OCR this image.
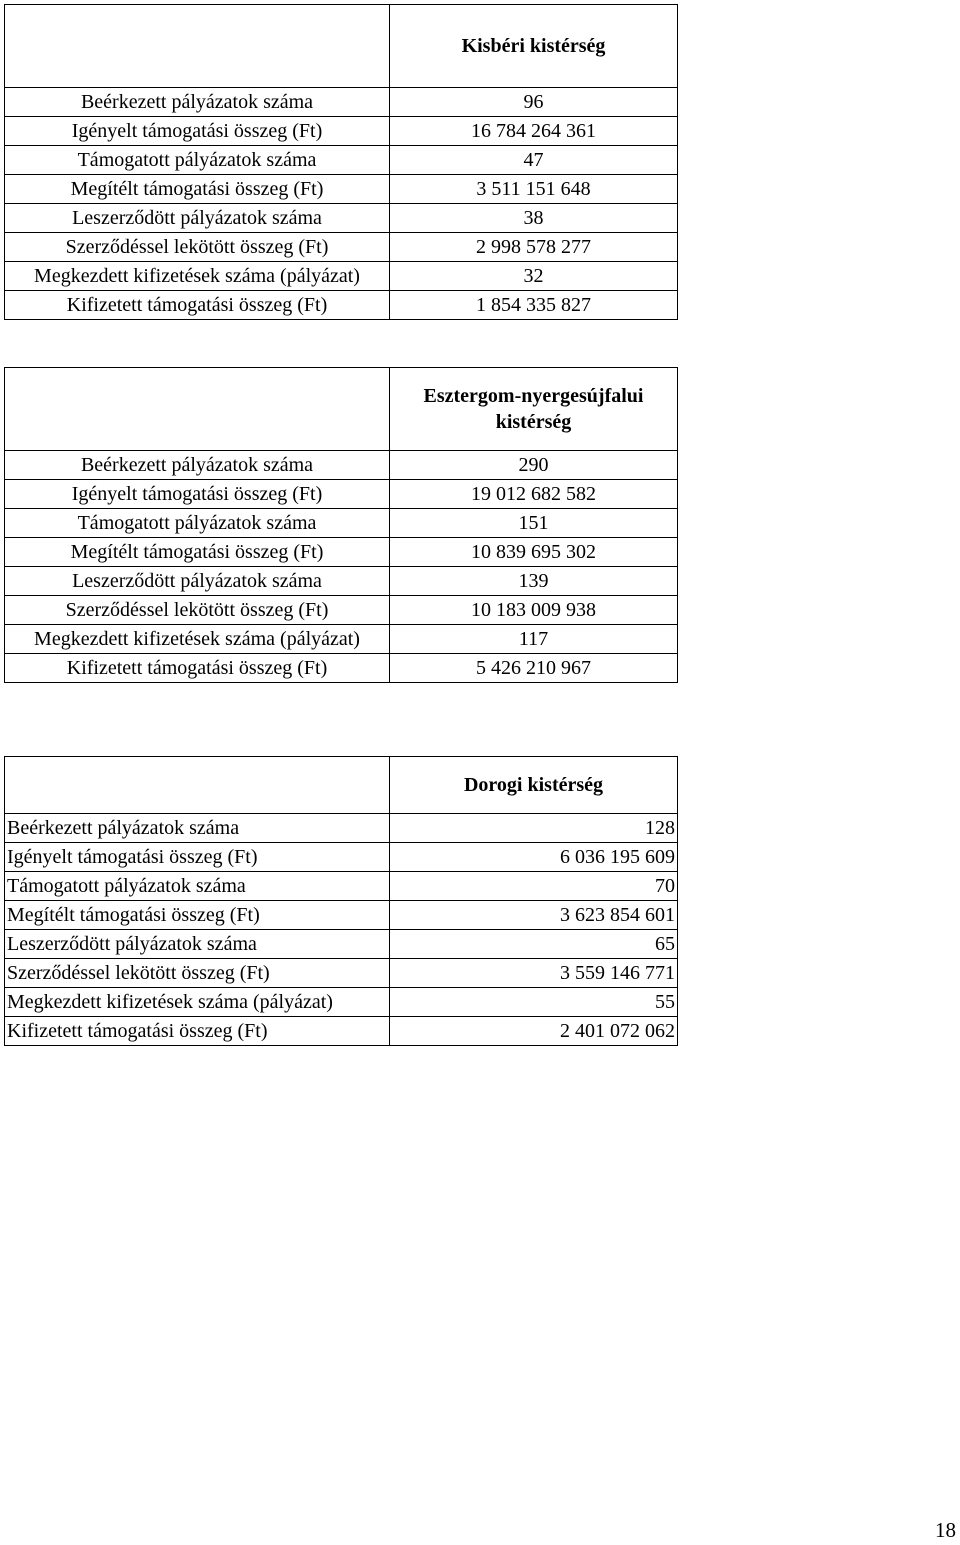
	Kisbéri kistérség
Beérkezett pályázatok száma	96
Igényelt támogatási összeg (Ft)	16 784 264 361
Támogatott pályázatok száma	47
Megítélt támogatási összeg (Ft)	3 511 151 648
Leszerződött pályázatok száma	38
Szerződéssel lekötött összeg (Ft)	2 998 578 277
Megkezdett kifizetések száma (pályázat)	32
Kifizetett támogatási összeg (Ft)	1 854 335 827
	Esztergom-nyergesújfalui
kistérség
Beérkezett pályázatok száma	290
Igényelt támogatási összeg (Ft)	19 012 682 582
Támogatott pályázatok száma	151
Megítélt támogatási összeg (Ft)	10 839 695 302
Leszerződött pályázatok száma	139
Szerződéssel lekötött összeg (Ft)	10 183 009 938
Megkezdett kifizetések száma (pályázat)	117
Kifizetett támogatási összeg (Ft)	5 426 210 967
	Dorogi kistérség
Beérkezett pályázatok száma	128
Igényelt támogatási összeg (Ft)	6 036 195 609
Támogatott pályázatok száma	70
Megítélt támogatási összeg (Ft)	3 623 854 601
Leszerződött pályázatok száma	65
Szerződéssel lekötött összeg (Ft)	3 559 146 771
Megkezdett kifizetések száma (pályázat)	55
Kifizetett támogatási összeg (Ft)	2 401 072 062
18
